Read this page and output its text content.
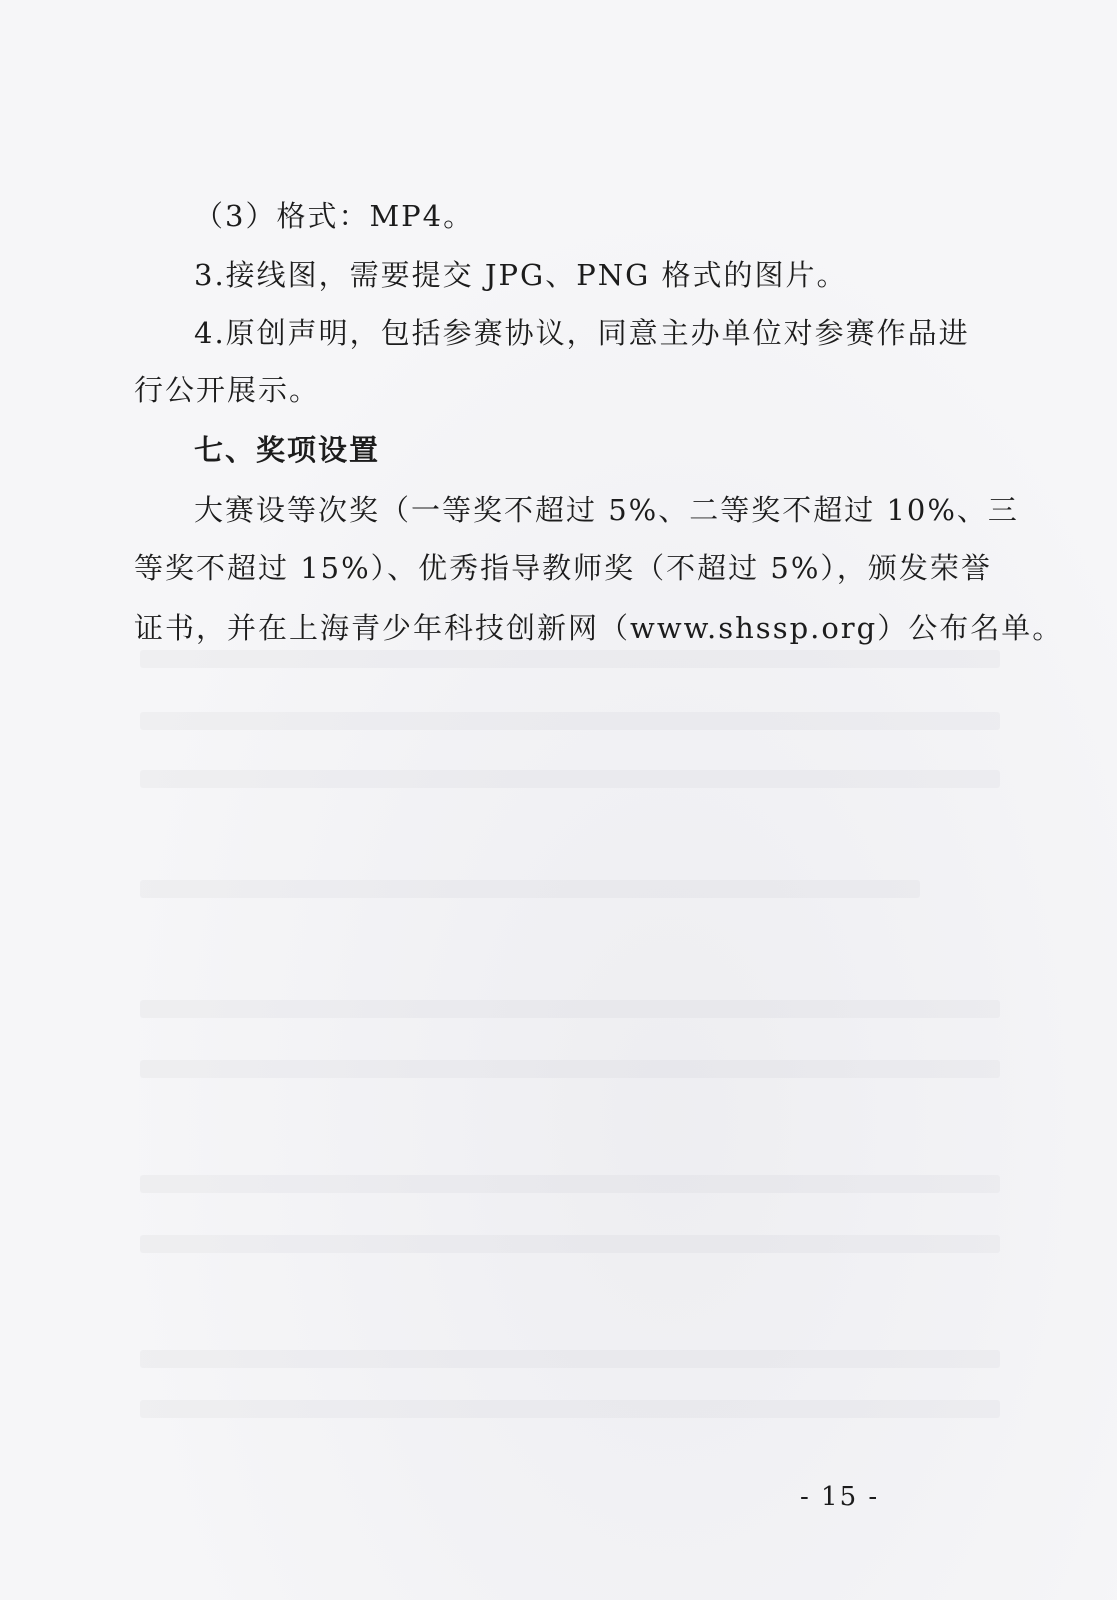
（3）格式：MP4。
3.接线图，需要提交 JPG、PNG 格式的图片。
4.原创声明，包括参赛协议，同意主办单位对参赛作品进
行公开展示。
七、奖项设置
大赛设等次奖（一等奖不超过 5%、二等奖不超过 10%、三
等奖不超过 15%）、优秀指导教师奖（不超过 5%），颁发荣誉
证书，并在上海青少年科技创新网（www.shssp.org）公布名单。
- 15 -
